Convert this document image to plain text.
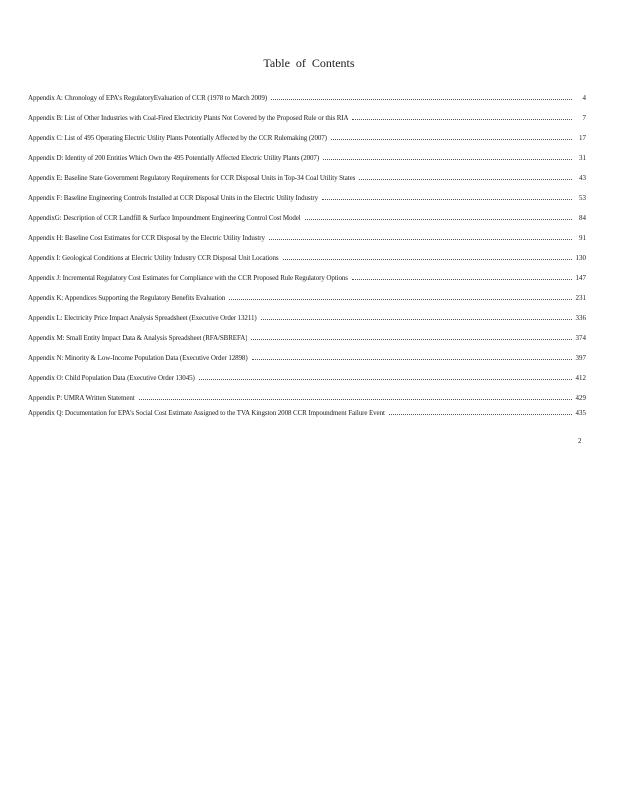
Table of Contents
Appendix A: Chronology of EPA's RegulatoryEvaluation of CCR (1978 to March 2009)	4
Appendix B: List of Other Industries with Coal-Fired Electricity Plants Not Covered by the Proposed Rule or this RIA	7
Appendix C: List of 495 Operating Electric Utility Plants Potentially Affected by the CCR Rulemaking (2007)	17
Appendix D: Identity of 200 Entities Which Own the 495 Potentially Affected Electric Utility Plants (2007)	31
Appendix E: Baseline State Government Regulatory Requirements for CCR Disposal Units in Top-34 Coal Utility States	43
Appendix F: Baseline Engineering Controls Installed at CCR Disposal Units in the Electric Utility Industry	53
AppendixG: Description of CCR Landfill & Surface Impoundment Engineering Control Cost Model	84
Appendix H: Baseline Cost Estimates for CCR Disposal by the Electric Utility Industry	91
Appendix I: Geological Conditions at Electric Utility Industry CCR Disposal Unit Locations	130
Appendix J: Incremental Regulatory Cost Estimates for Compliance with the CCR Proposed Rule Regulatory Options	147
Appendix K: Appendices Supporting the Regulatory Benefits Evaluation	231
Appendix L: Electricity Price Impact Analysis Spreadsheet (Executive Order 13211)	336
Appendix M: Small Entity Impact Data & Analysis Spreadsheet (RFA/SBREFA)	374
Appendix N: Minority & Low-Income Population Data (Executive Order 12898)	397
Appendix O: Child Population Data (Executive Order 13045)	412
Appendix P: UMRA Written Statement	429
Appendix Q: Documentation for EPA's Social Cost Estimate Assigned to the TVA Kingston 2008 CCR Impoundment Failure Event	435
2
